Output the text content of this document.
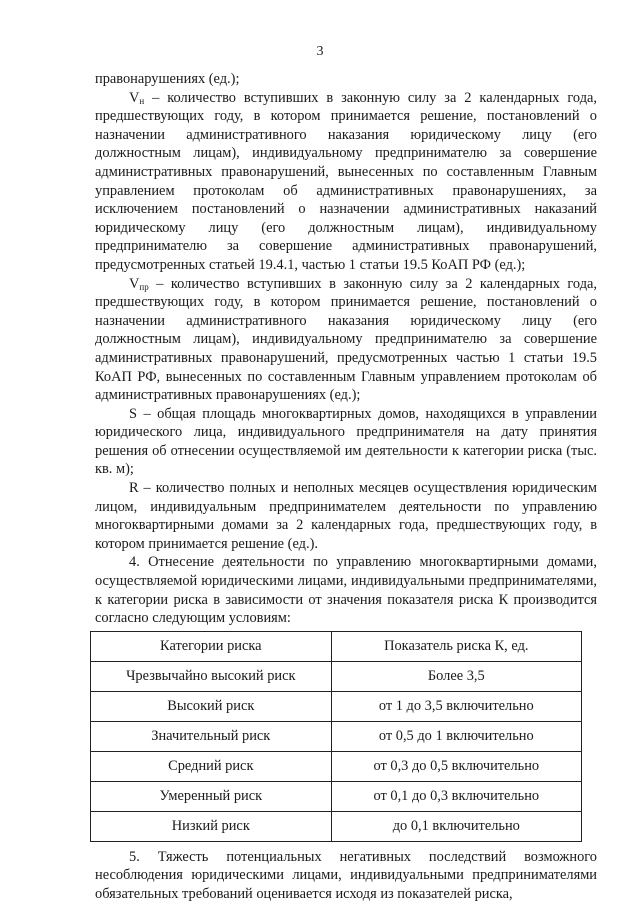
3

правонарушениях (ед.);

$V_н$ – количество вступивших в законную силу за 2 календарных года, предшествующих году, в котором принимается решение, постановлений о назначении административного наказания юридическому лицу (его должностным лицам), индивидуальному предпринимателю за совершение административных правонарушений, вынесенных по составленным Главным управлением протоколам об административных правонарушениях, за исключением постановлений о назначении административных наказаний юридическому лицу (его должностным лицам), индивидуальному предпринимателю за совершение административных правонарушений, предусмотренных статьей 19.4.1, частью 1 статьи 19.5 КоАП РФ (ед.);

$V_{пр}$ – количество вступивших в законную силу за 2 календарных года, предшествующих году, в котором принимается решение, постановлений о назначении административного наказания юридическому лицу (его должностным лицам), индивидуальному предпринимателю за совершение административных правонарушений, предусмотренных частью 1 статьи 19.5 КоАП РФ, вынесенных по составленным Главным управлением протоколам об административных правонарушениях (ед.);

S – общая площадь многоквартирных домов, находящихся в управлении юридического лица, индивидуального предпринимателя на дату принятия решения об отнесении осуществляемой им деятельности к категории риска (тыс. кв. м);

R – количество полных и неполных месяцев осуществления юридическим лицом, индивидуальным предпринимателем деятельности по управлению многоквартирными домами за 2 календарных года, предшествующих году, в котором принимается решение (ед.).

4. Отнесение деятельности по управлению многоквартирными домами, осуществляемой юридическими лицами, индивидуальными предпринимателями, к категории риска в зависимости от значения показателя риска К производится согласно следующим условиям:

Категории риска	Показатель риска К, ед.
Чрезвычайно высокий риск	Более 3,5
Высокий риск	от 1 до 3,5 включительно
Значительный риск	от 0,5 до 1 включительно
Средний риск	от 0,3 до 0,5 включительно
Умеренный риск	от 0,1 до 0,3 включительно
Низкий риск	до 0,1 включительно

5. Тяжесть потенциальных негативных последствий возможного несоблюдения юридическими лицами, индивидуальными предпринимателями обязательных требований оценивается исходя из показателей риска,
